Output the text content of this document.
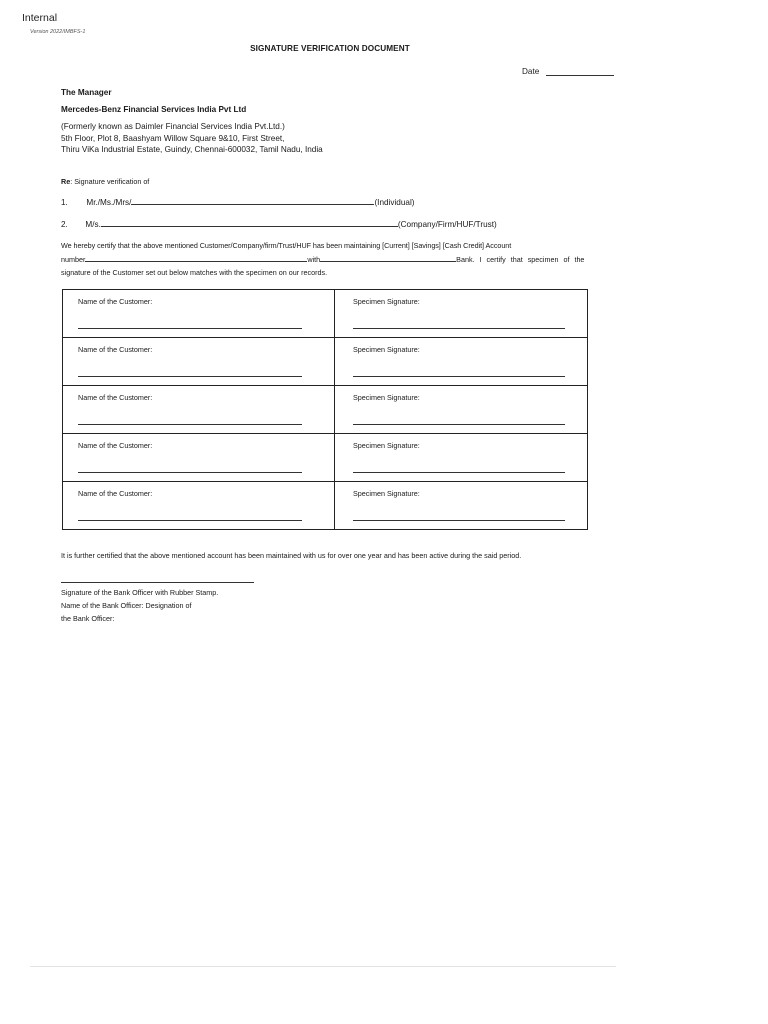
Internal
Version 2022/IMBFS-1
SIGNATURE VERIFICATION DOCUMENT
Date
The Manager
Mercedes-Benz Financial Services India Pvt Ltd
(Formerly known as Daimler Financial Services India Pvt.Ltd.)
5th Floor, Plot 8, Baashyam Willow Square 9&10, First Street,
Thiru ViKa Industrial Estate, Guindy, Chennai-600032, Tamil Nadu, India
Re: Signature verification of
1. Mr./Ms./Mrs/	(Individual)
2. M/s.	(Company/Firm/HUF/Trust)
We hereby certify that the above mentioned Customer/Company/firm/Trust/HUF has been maintaining [Current] [Savings] [Cash Credit] Account
number	with	Bank. I certify that specimen of the
signature of the Customer set out below matches with the specimen on our records.
Name of the Customer:	Specimen Signature:

Name of the Customer:	Specimen Signature:

Name of the Customer:	Specimen Signature:

Name of the Customer:	Specimen Signature:

Name of the Customer:	Specimen Signature:
It is further certified that the above mentioned account has been maintained with us for over one year and has been active during the said period.
Signature of the Bank Officer with Rubber Stamp.
Name of the Bank Officer: Designation of
the Bank Officer:
